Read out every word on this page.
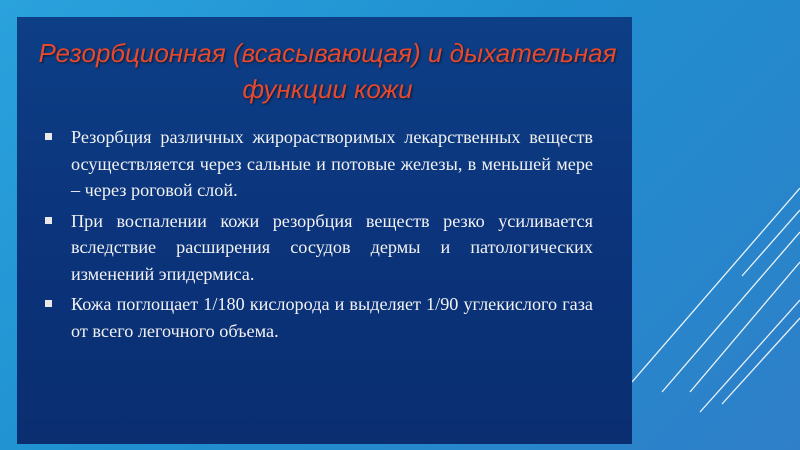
Резорбционная (всасывающая) и дыхательная функции кожи
Резорбция различных жирорастворимых лекарственных веществ осуществляется через сальные и потовые железы, в меньшей мере – через роговой слой.
При воспалении кожи резорбция веществ резко усиливается вследствие расширения сосудов дермы и патологических изменений эпидермиса.
Кожа поглощает 1/180 кислорода и выделяет 1/90 углекислого газа от всего легочного объема.
